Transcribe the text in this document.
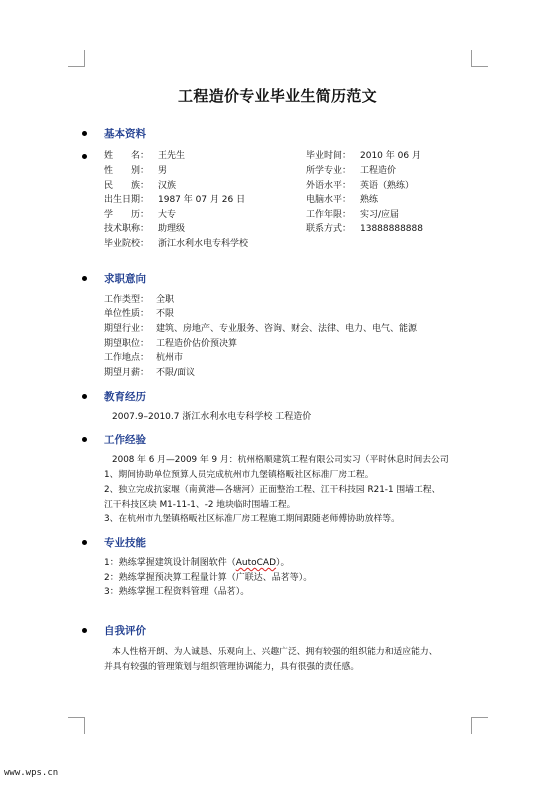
工程造价专业毕业生简历范文
基本资料
姓　　名： 王先生
性　　别： 男
民　　族： 汉族
出生日期： 1987 年 07 月 26 日
学　　历： 大专
技术职称： 助理级
毕业院校： 浙江水利水电专科学校
毕业时间： 2010 年 06 月
所学专业： 工程造价
外语水平： 英语（熟练）
电脑水平： 熟练
工作年限： 实习/应届
联系方式： 13888888888
求职意向
工作类型： 全职
单位性质： 不限
期望行业： 建筑、房地产、专业服务、咨询、财会、法律、电力、电气、能源
期望职位： 工程造价估价预决算
工作地点： 杭州市
期望月薪： 不限/面议
教育经历
2007.9–2010.7 浙江水利水电专科学校 工程造价
工作经验
2008 年 6 月—2009 年 9 月：杭州格顺建筑工程有限公司实习（平时休息时间去公司
1、期间协助单位预算人员完成杭州市九堡镇格畈社区标准厂房工程。
2、独立完成抗家堰（南黄港—各塘河）正面整治工程、江干科技园 R21-1 围墙工程、
江干科技区块 M1-11-1、-2 地块临时围墙工程。
3、在杭州市九堡镇格畈社区标准厂房工程施工期间跟随老师傅协助放样等。
专业技能
1：熟练掌握建筑设计制图软件（AutoCAD）。
2：熟练掌握预决算工程量计算（广联达、品茗等）。
3：熟练掌握工程资料管理（品茗）。
自我评价
本人性格开朗、为人诚恳、乐观向上、兴趣广泛、拥有较强的组织能力和适应能力、
并具有较强的管理策划与组织管理协调能力，具有很强的责任感。
www.wps.cn
